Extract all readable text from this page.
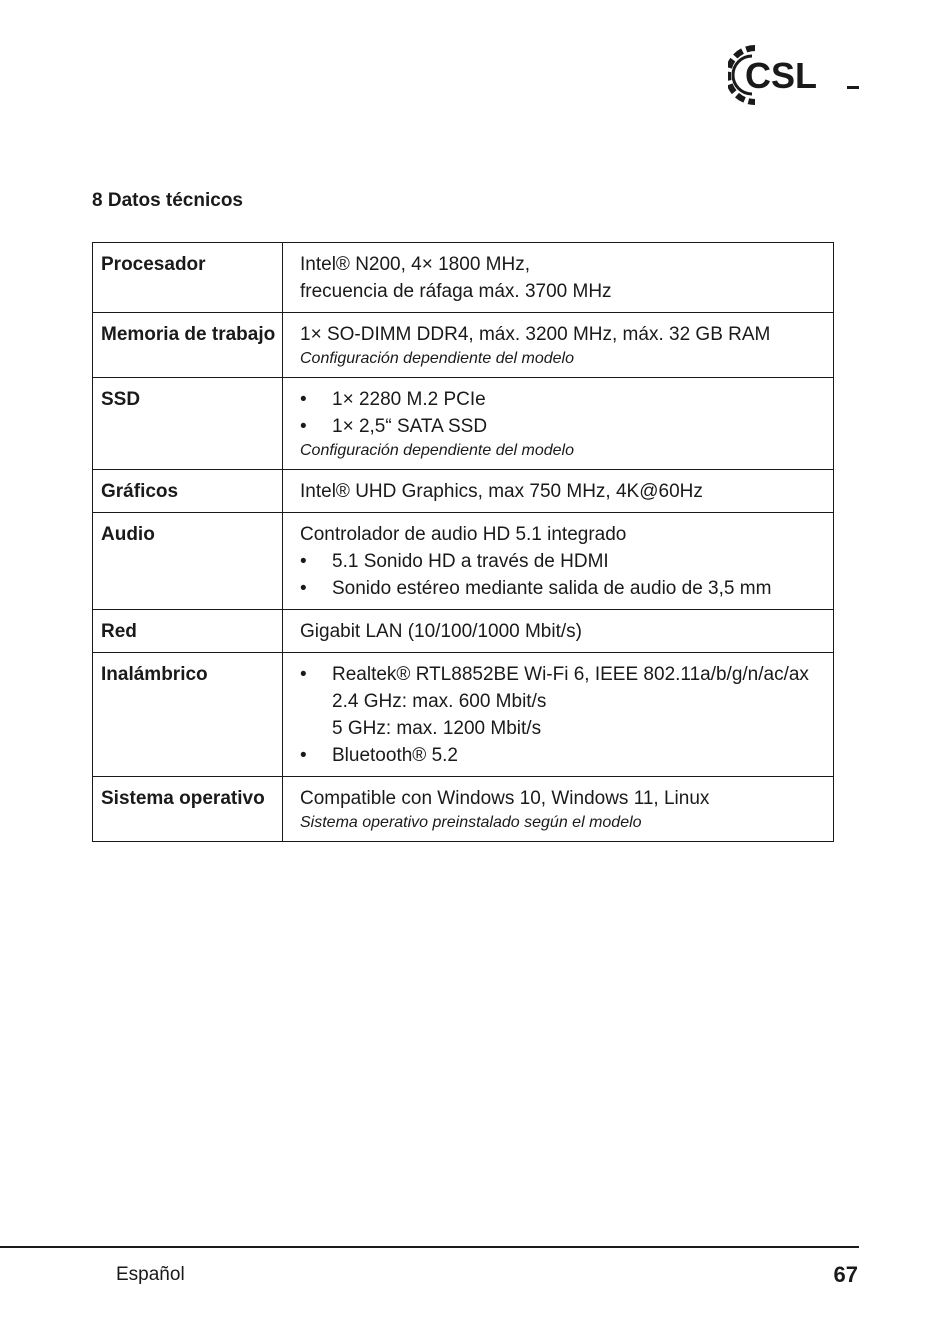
CSL
8 Datos técnicos
Procesador	Intel® N200, 4× 1800 MHz,
frecuencia de ráfaga máx. 3700 MHz

Memoria de trabajo	1× SO-DIMM DDR4, máx. 3200 MHz, máx. 32 GB RAM
Configuración dependiente del modelo

SSD	• 1× 2280 M.2 PCIe
• 1× 2,5“ SATA SSD
Configuración dependiente del modelo

Gráficos	Intel® UHD Graphics, max 750 MHz, 4K@60Hz

Audio	Controlador de audio HD 5.1 integrado
• 5.1 Sonido HD a través de HDMI
• Sonido estéreo mediante salida de audio de 3,5 mm

Red	Gigabit LAN (10/100/1000 Mbit/s)

Inalámbrico	• Realtek® RTL8852BE Wi-Fi 6, IEEE 802.11a/b/g/n/ac/ax
2.4 GHz: max. 600 Mbit/s
5 GHz: max. 1200 Mbit/s
• Bluetooth® 5.2

Sistema operativo	Compatible con Windows 10, Windows 11, Linux
Sistema operativo preinstalado según el modelo
Español	67
